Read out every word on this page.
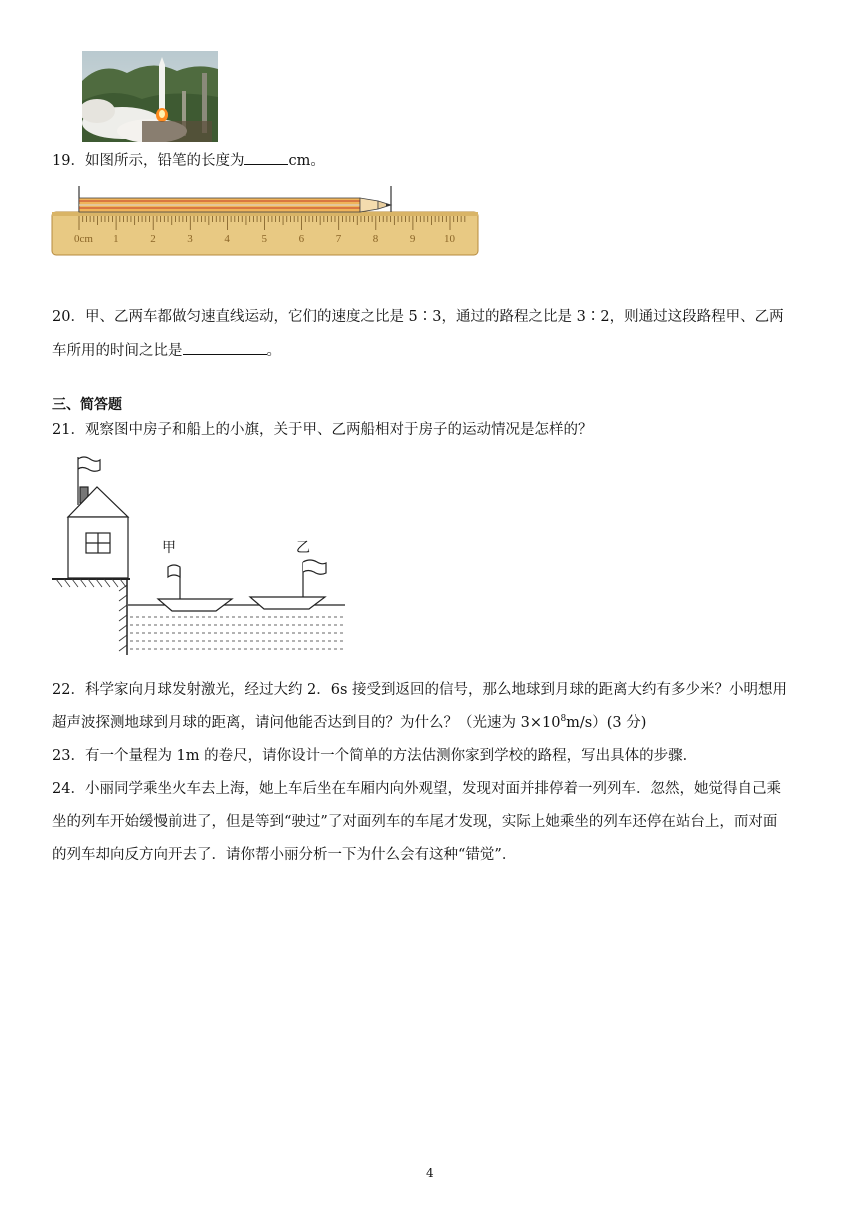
19．如图所示，铅笔的长度为	cm。
0cm 1	2	3	4	5	6	7	8	9	10
20．甲、乙两车都做匀速直线运动，它们的速度之比是 5∶3，通过的路程之比是 3∶2，则通过这段路程甲、乙两
车所用的时间之比是	。
三、简答题
21．观察图中房子和船上的小旗，关于甲、乙两船相对于房子的运动情况是怎样的？
甲	乙
22．科学家向月球发射激光，经过大约 2．6s 接受到返回的信号，那么地球到月球的距离大约有多少米？小明想用
超声波探测地球到月球的距离，请问他能否达到目的？为什么？（光速为 $3\times 10^8m/s)(3$ 分)
23．有一个量程为 1m 的卷尺，请你设计一个简单的方法估测你家到学校的路程，写出具体的步骤．
24．小丽同学乘坐火车去上海，她上车后坐在车厢内向外观望，发现对面并排停着一列列车．忽然，她觉得自己乘
坐的列车开始缓慢前进了，但是等到“驶过”了对面列车的车尾才发现，实际上她乘坐的列车还停在站台上，而对面
的列车却向反方向开去了．请你帮小丽分析一下为什么会有这种“错觉”．
4
